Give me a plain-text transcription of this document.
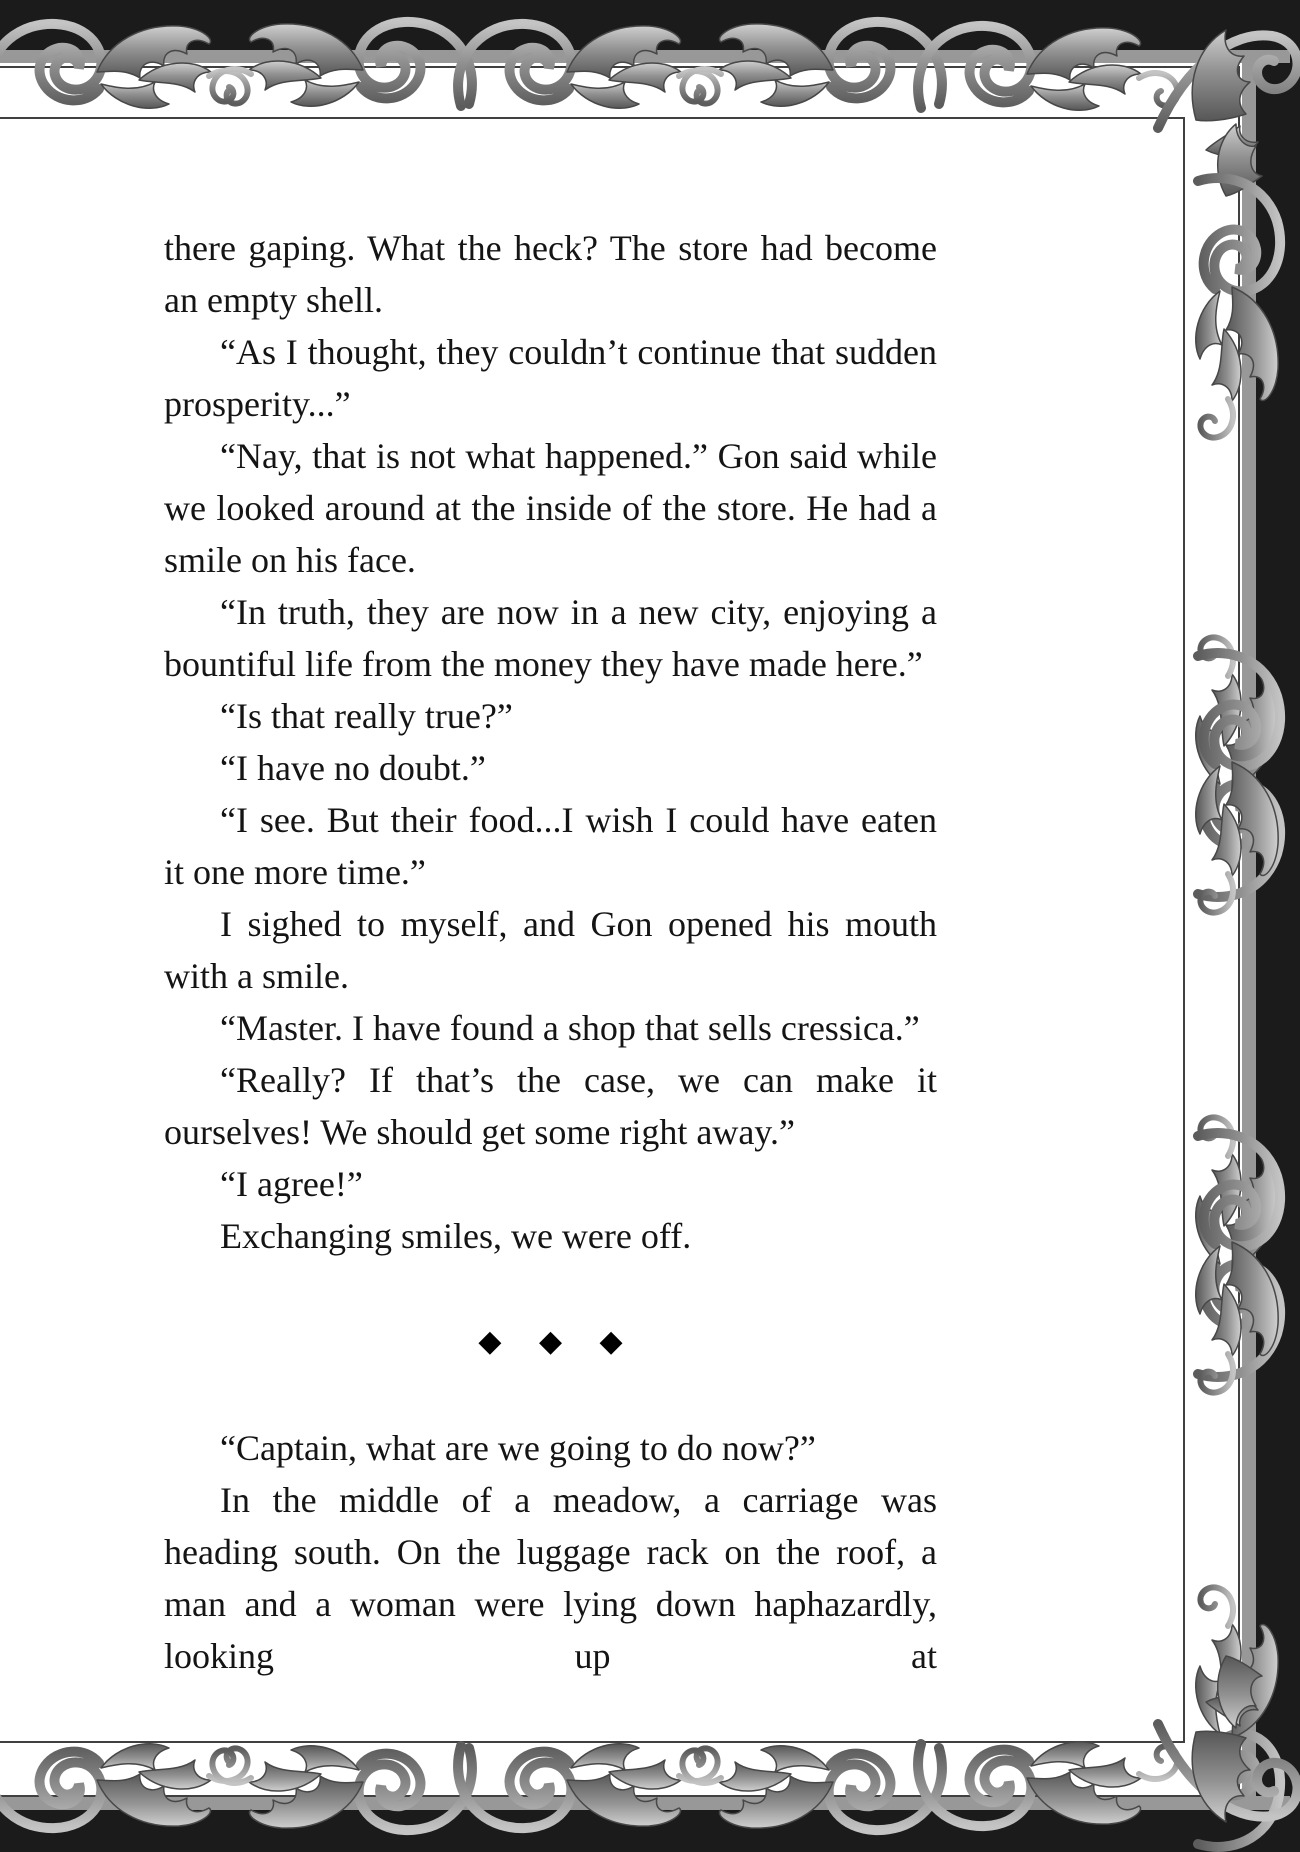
there gaping. What the heck? The store had become an empty shell.

“As I thought, they couldn’t continue that sudden prosperity...”

“Nay, that is not what happened.” Gon said while we looked around at the inside of the store. He had a smile on his face.

“In truth, they are now in a new city, enjoying a bountiful life from the money they have made here.”

“Is that really true?”

“I have no doubt.”

“I see. But their food...I wish I could have eaten it one more time.”

I sighed to myself, and Gon opened his mouth with a smile.

“Master. I have found a shop that sells cressica.”

“Really? If that’s the case, we can make it ourselves! We should get some right away.”

“I agree!”

Exchanging smiles, we were off.

◆ ◆ ◆

“Captain, what are we going to do now?”

In the middle of a meadow, a carriage was heading south. On the luggage rack on the roof, a man and a woman were lying down haphazardly, looking up at
